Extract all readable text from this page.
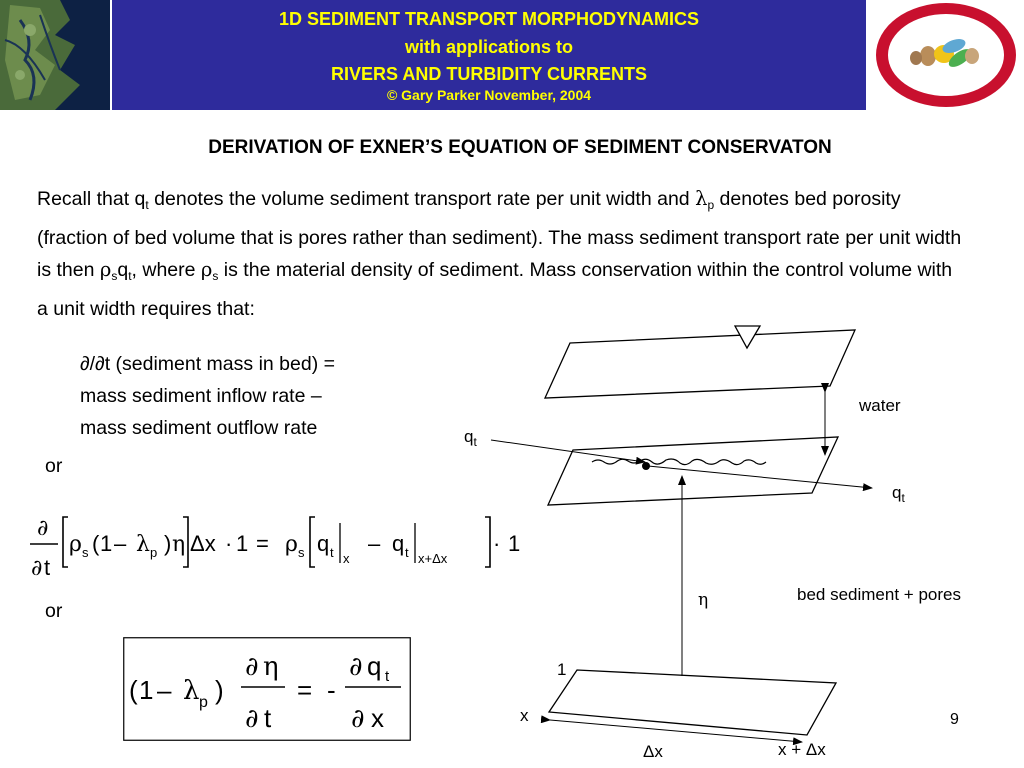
1D SEDIMENT TRANSPORT MORPHODYNAMICS
with applications to
RIVERS AND TURBIDITY CURRENTS
© Gary Parker November, 2004
N C E D
Earth • Water • Life
DERIVATION OF EXNER’S EQUATION OF SEDIMENT CONSERVATON
Recall that $q_t$ denotes the volume sediment transport rate per unit width and $\lambda_p$ denotes bed porosity (fraction of bed volume that is pores rather than sediment). The mass sediment transport rate per unit width is then $\rho_sq_t$, where $\rho_s$ is the material density of sediment. Mass conservation within the control volume with a unit width requires that:
∂/∂t (sediment mass in bed) =
mass sediment inflow rate –
mass sediment outflow rate
or
or
∂
∂ t
ρ s ( 1 – λ p ) η Δx · 1 = ρ s q t x
– q t x+Δx
· 1
( 1 – λ p )
∂ η
∂ t
= -
∂ q t
∂ x
$q_t$
$q_t$
water
η	bed sediment + pores
1
x
Δx	x + Δx
9
